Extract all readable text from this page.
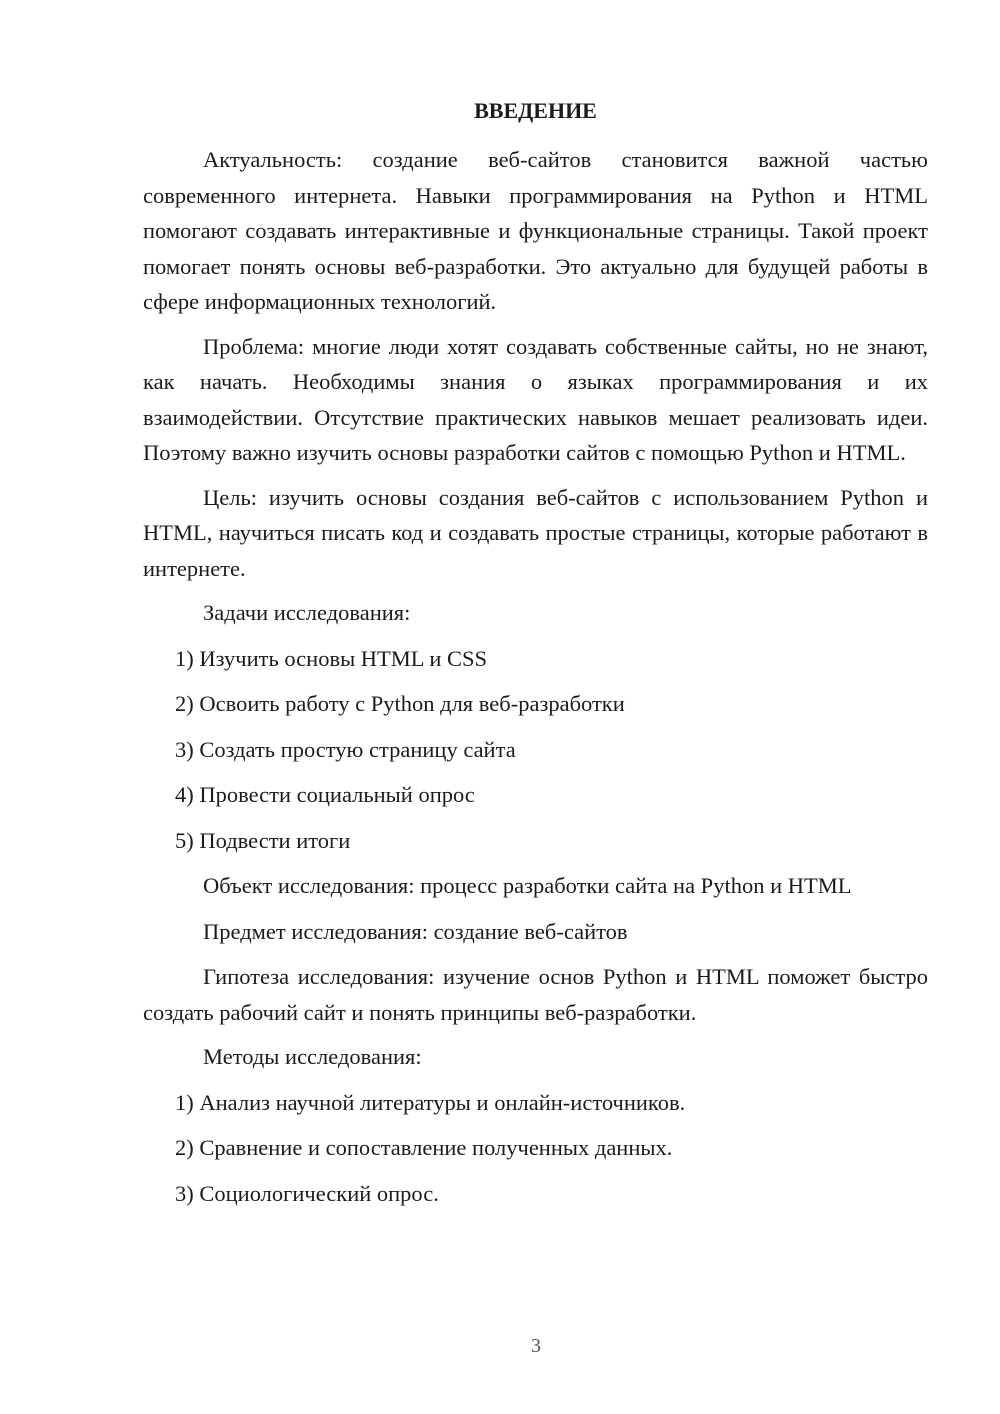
ВВЕДЕНИЕ

Актуальность: создание веб-сайтов становится важной частью современного интернета. Навыки программирования на Python и HTML помогают создавать интерактивные и функциональные страницы. Такой проект помогает понять основы веб-разработки. Это актуально для будущей работы в сфере информационных технологий.

Проблема: многие люди хотят создавать собственные сайты, но не знают, как начать. Необходимы знания о языках программирования и их взаимодействии. Отсутствие практических навыков мешает реализовать идеи. Поэтому важно изучить основы разработки сайтов с помощью Python и HTML.

Цель: изучить основы создания веб-сайтов с использованием Python и HTML, научиться писать код и создавать простые страницы, которые работают в интернете.

Задачи исследования:
1) Изучить основы HTML и CSS
2) Освоить работу с Python для веб-разработки
3) Создать простую страницу сайта
4) Провести социальный опрос
5) Подвести итоги
Объект исследования: процесс разработки сайта на Python и HTML
Предмет исследования: создание веб-сайтов

Гипотеза исследования: изучение основ Python и HTML поможет быстро создать рабочий сайт и понять принципы веб-разработки.

Методы исследования:
1) Анализ научной литературы и онлайн-источников.
2) Сравнение и сопоставление полученных данных.
3) Социологический опрос.
3
